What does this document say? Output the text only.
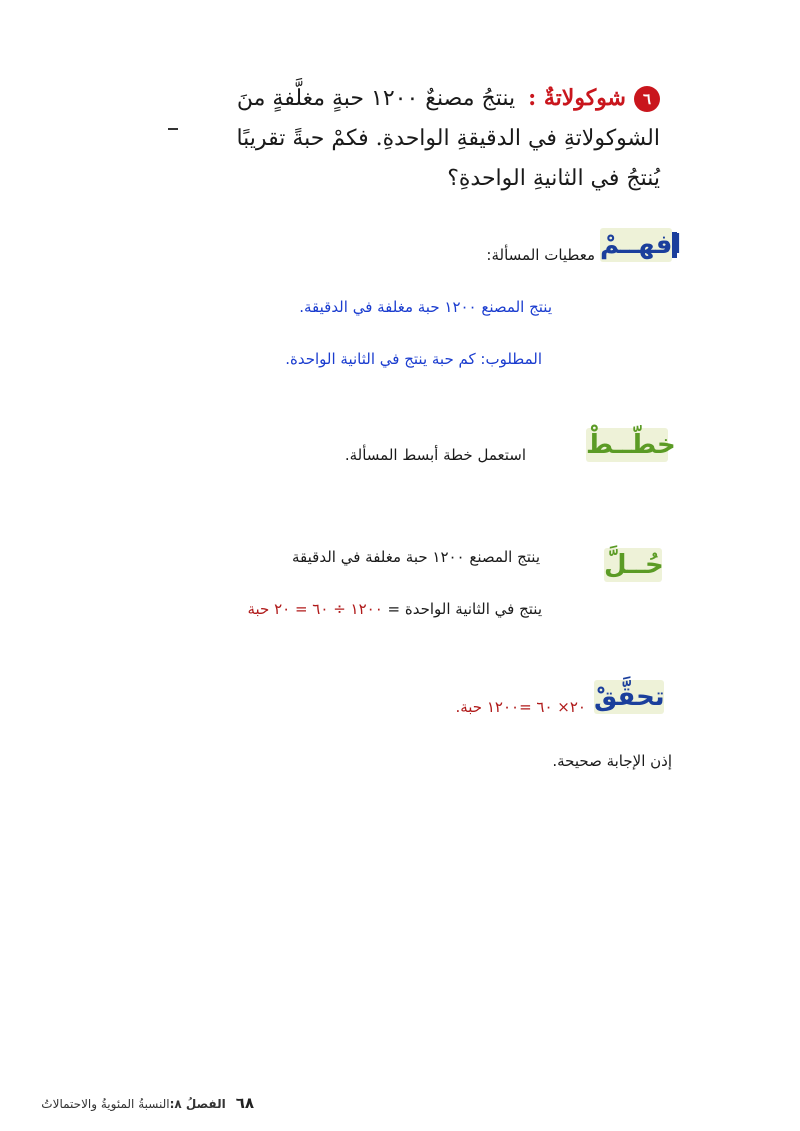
٦شوكولاتةٌ : ينتجُ مصنعٌ ١٢٠٠ حبةٍ مغلَّفةٍ منَ
الشوكولاتةِ في الدقيقةِ الواحدةِ. فكمْ حبةً تقريبًا
يُنتجُ في الثانيةِ الواحدةِ؟
افهــمْ
معطيات المسألة:
ينتج المصنع ١٢٠٠ حبة مغلفة في الدقيقة.
المطلوب: كم حبة ينتج في الثانية الواحدة.
خطّــطْ
استعمل خطة أبسط المسألة.
حُــلَّ
ينتج المصنع ١٢٠٠ حبة مغلفة في الدقيقة
ينتج في الثانية الواحدة = ١٢٠٠ ÷ ٦٠ = ٢٠ حبة
تحقَّقْ
٢٠× ٦٠ =١٢٠٠ حبة.
إذن الإجابة صحيحة.
٦٨الفصلُ ٨:النسبةُ المئويةُ والاحتمالاتُ
